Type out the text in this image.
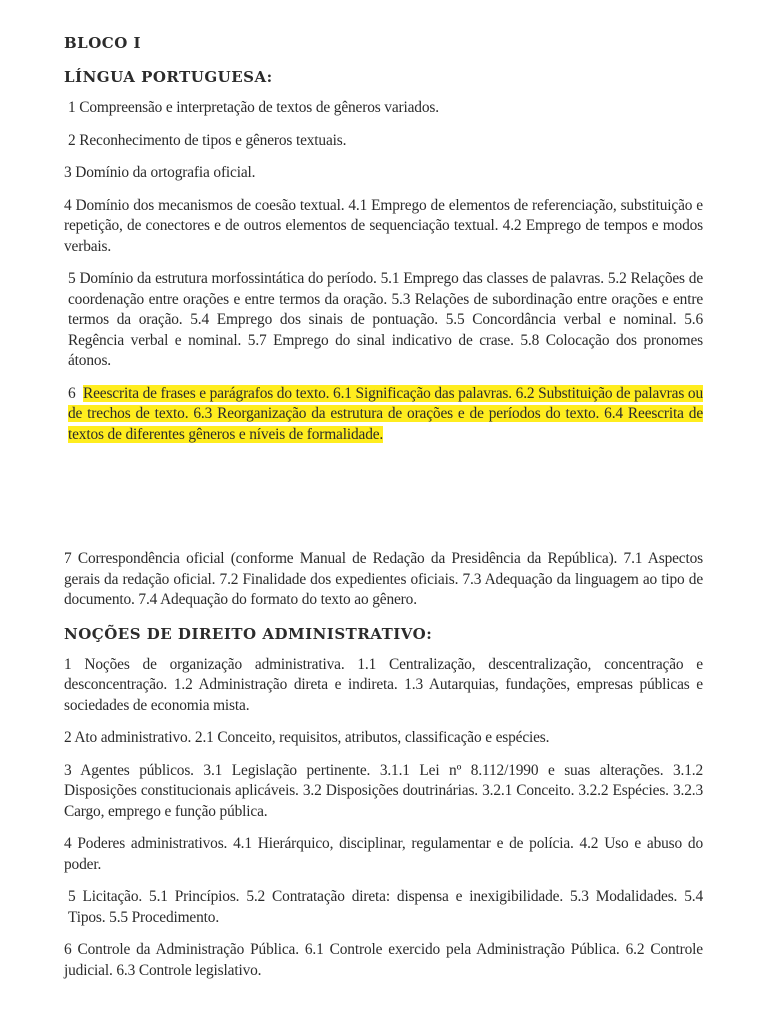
BLOCO I
LÍNGUA PORTUGUESA:

1 Compreensão e interpretação de textos de gêneros variados.

2 Reconhecimento de tipos e gêneros textuais.

3 Domínio da ortografia oficial.

4 Domínio dos mecanismos de coesão textual. 4.1 Emprego de elementos de referenciação, substituição e repetição, de conectores e de outros elementos de sequenciação textual. 4.2 Emprego de tempos e modos verbais.

5 Domínio da estrutura morfossintática do período. 5.1 Emprego das classes de palavras. 5.2 Relações de coordenação entre orações e entre termos da oração. 5.3 Relações de subordinação entre orações e entre termos da oração. 5.4 Emprego dos sinais de pontuação. 5.5 Concordância verbal e nominal. 5.6 Regência verbal e nominal. 5.7 Emprego do sinal indicativo de crase. 5.8 Colocação dos pronomes átonos.

6 Reescrita de frases e parágrafos do texto. 6.1 Significação das palavras. 6.2 Substituição de palavras ou de trechos de texto. 6.3 Reorganização da estrutura de orações e de períodos do texto. 6.4 Reescrita de textos de diferentes gêneros e níveis de formalidade.

7 Correspondência oficial (conforme Manual de Redação da Presidência da República). 7.1 Aspectos gerais da redação oficial. 7.2 Finalidade dos expedientes oficiais. 7.3 Adequação da linguagem ao tipo de documento. 7.4 Adequação do formato do texto ao gênero.

NOÇÕES DE DIREITO ADMINISTRATIVO:

1 Noções de organização administrativa. 1.1 Centralização, descentralização, concentração e desconcentração. 1.2 Administração direta e indireta. 1.3 Autarquias, fundações, empresas públicas e sociedades de economia mista.

2 Ato administrativo. 2.1 Conceito, requisitos, atributos, classificação e espécies.

3 Agentes públicos. 3.1 Legislação pertinente. 3.1.1 Lei nº 8.112/1990 e suas alterações. 3.1.2 Disposições constitucionais aplicáveis. 3.2 Disposições doutrinárias. 3.2.1 Conceito. 3.2.2 Espécies. 3.2.3 Cargo, emprego e função pública.

4 Poderes administrativos. 4.1 Hierárquico, disciplinar, regulamentar e de polícia. 4.2 Uso e abuso do poder.

5 Licitação. 5.1 Princípios. 5.2 Contratação direta: dispensa e inexigibilidade. 5.3 Modalidades. 5.4 Tipos. 5.5 Procedimento.

6 Controle da Administração Pública. 6.1 Controle exercido pela Administração Pública. 6.2 Controle judicial. 6.3 Controle legislativo.
